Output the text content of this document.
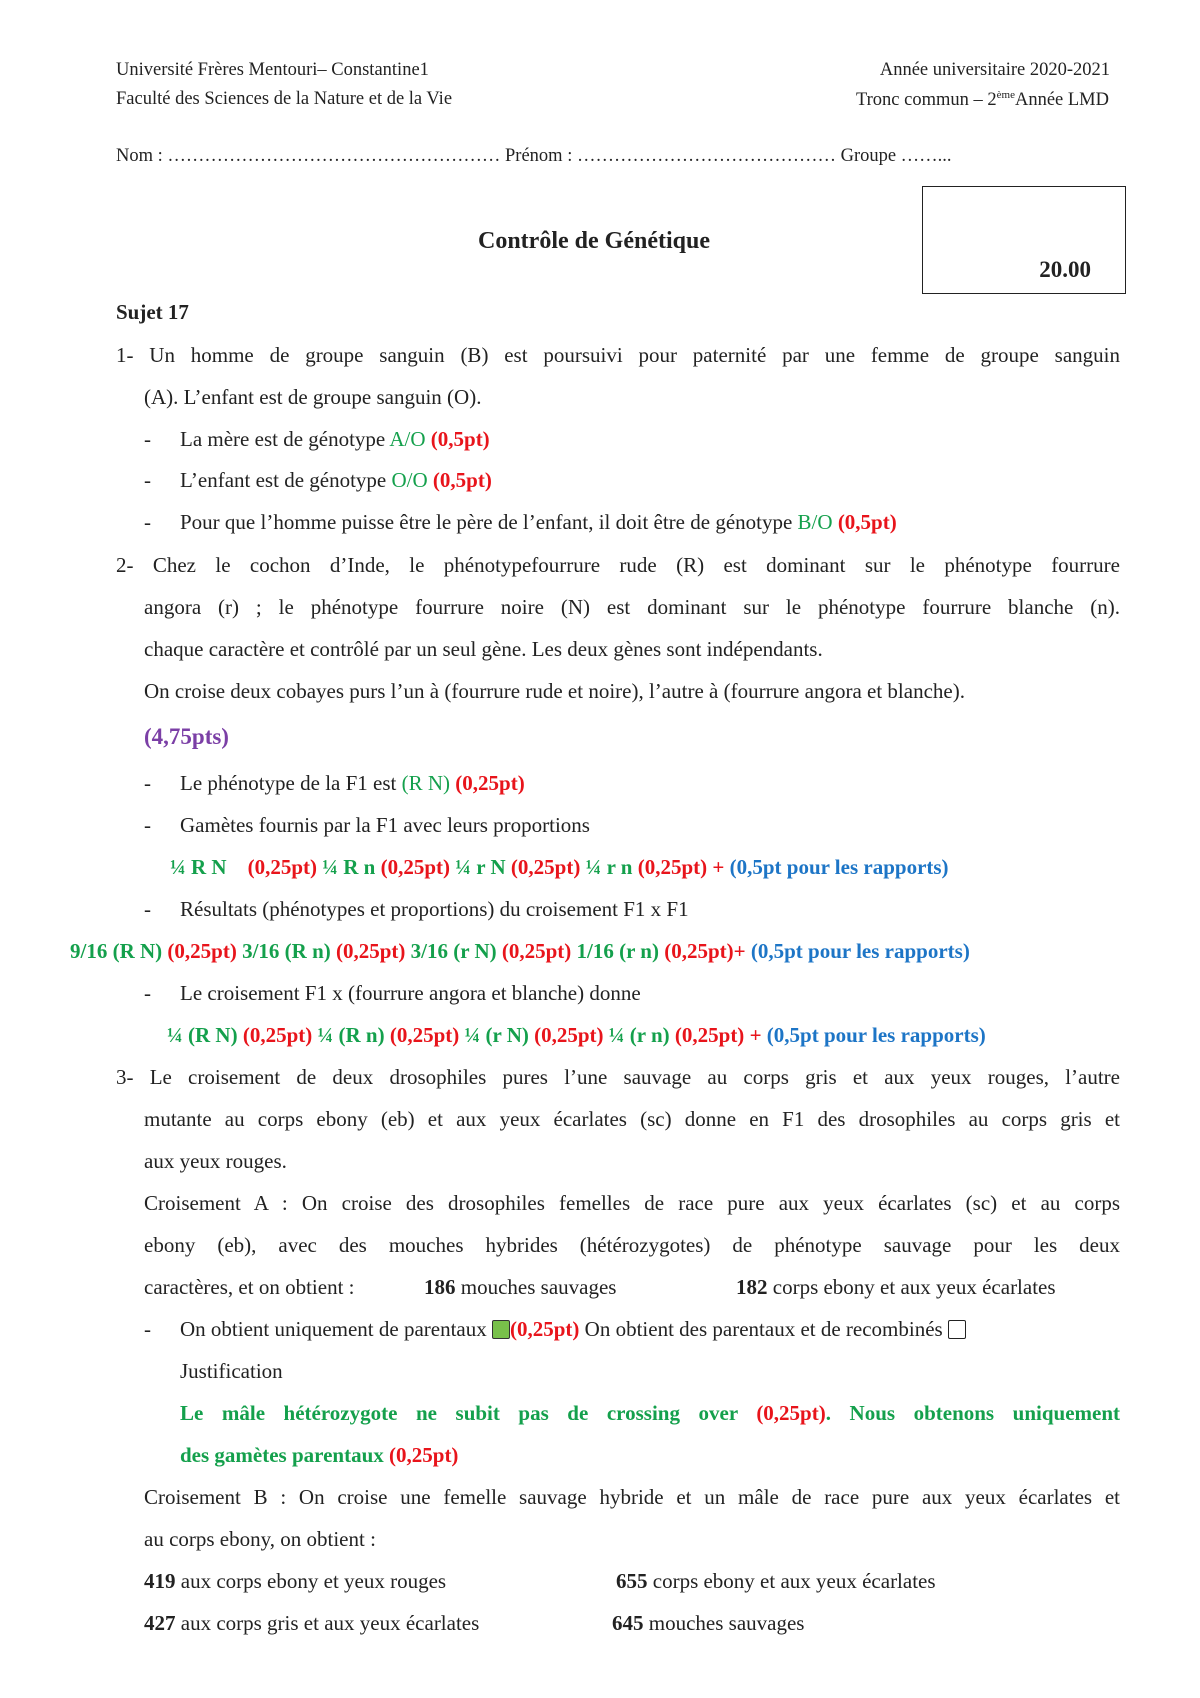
Université Frères Mentouri– Constantine1
Faculté des Sciences de la Nature et de la Vie
Année universitaire 2020-2021
Tronc commun – 2èmeAnnée LMD
Nom : ……………………………………………… Prénom : …………………………………… Groupe ……...
20.00
Contrôle de Génétique
Sujet 17
1- Un homme de groupe sanguin (B) est poursuivi pour paternité par une femme de groupe sanguin
(A). L’enfant est de groupe sanguin (O).
- La mère est de génotype A/O (0,5pt)
- L’enfant est de génotype O/O (0,5pt)
- Pour que l’homme puisse être le père de l’enfant, il doit être de génotype B/O (0,5pt)
2- Chez le cochon d’Inde, le phénotypefourrure rude (R) est dominant sur le phénotype fourrure
angora (r) ; le phénotype fourrure noire (N) est dominant sur le phénotype fourrure blanche (n).
chaque caractère et contrôlé par un seul gène. Les deux gènes sont indépendants.
On croise deux cobayes purs l’un à (fourrure rude et noire), l’autre à (fourrure angora et blanche).
(4,75pts)
- Le phénotype de la F1 est (R N) (0,25pt)
- Gamètes fournis par la F1 avec leurs proportions
¼ R N (0,25pt) ¼ R n (0,25pt) ¼ r N (0,25pt) ¼ r n (0,25pt) + (0,5pt pour les rapports)
- Résultats (phénotypes et proportions) du croisement F1 x F1
9/16 (R N) (0,25pt) 3/16 (R n) (0,25pt) 3/16 (r N) (0,25pt) 1/16 (r n) (0,25pt)+ (0,5pt pour les rapports)
- Le croisement F1 x (fourrure angora et blanche) donne
¼ (R N) (0,25pt) ¼ (R n) (0,25pt) ¼ (r N) (0,25pt) ¼ (r n) (0,25pt) + (0,5pt pour les rapports)
3- Le croisement de deux drosophiles pures l’une sauvage au corps gris et aux yeux rouges, l’autre
mutante au corps ebony (eb) et aux yeux écarlates (sc) donne en F1 des drosophiles au corps gris et
aux yeux rouges.
Croisement A : On croise des drosophiles femelles de race pure aux yeux écarlates (sc) et au corps
ebony (eb), avec des mouches hybrides (hétérozygotes) de phénotype sauvage pour les deux
caractères, et on obtient :	186 mouches sauvages	182 corps ebony et aux yeux écarlates
- On obtient uniquement de parentaux (0,25pt) On obtient des parentaux et de recombinés
Justification
Le mâle hétérozygote ne subit pas de crossing over (0,25pt). Nous obtenons uniquement
des gamètes parentaux (0,25pt)
Croisement B : On croise une femelle sauvage hybride et un mâle de race pure aux yeux écarlates et
au corps ebony, on obtient :
419 aux corps ebony et yeux rouges	655 corps ebony et aux yeux écarlates
427 aux corps gris et aux yeux écarlates	645 mouches sauvages
